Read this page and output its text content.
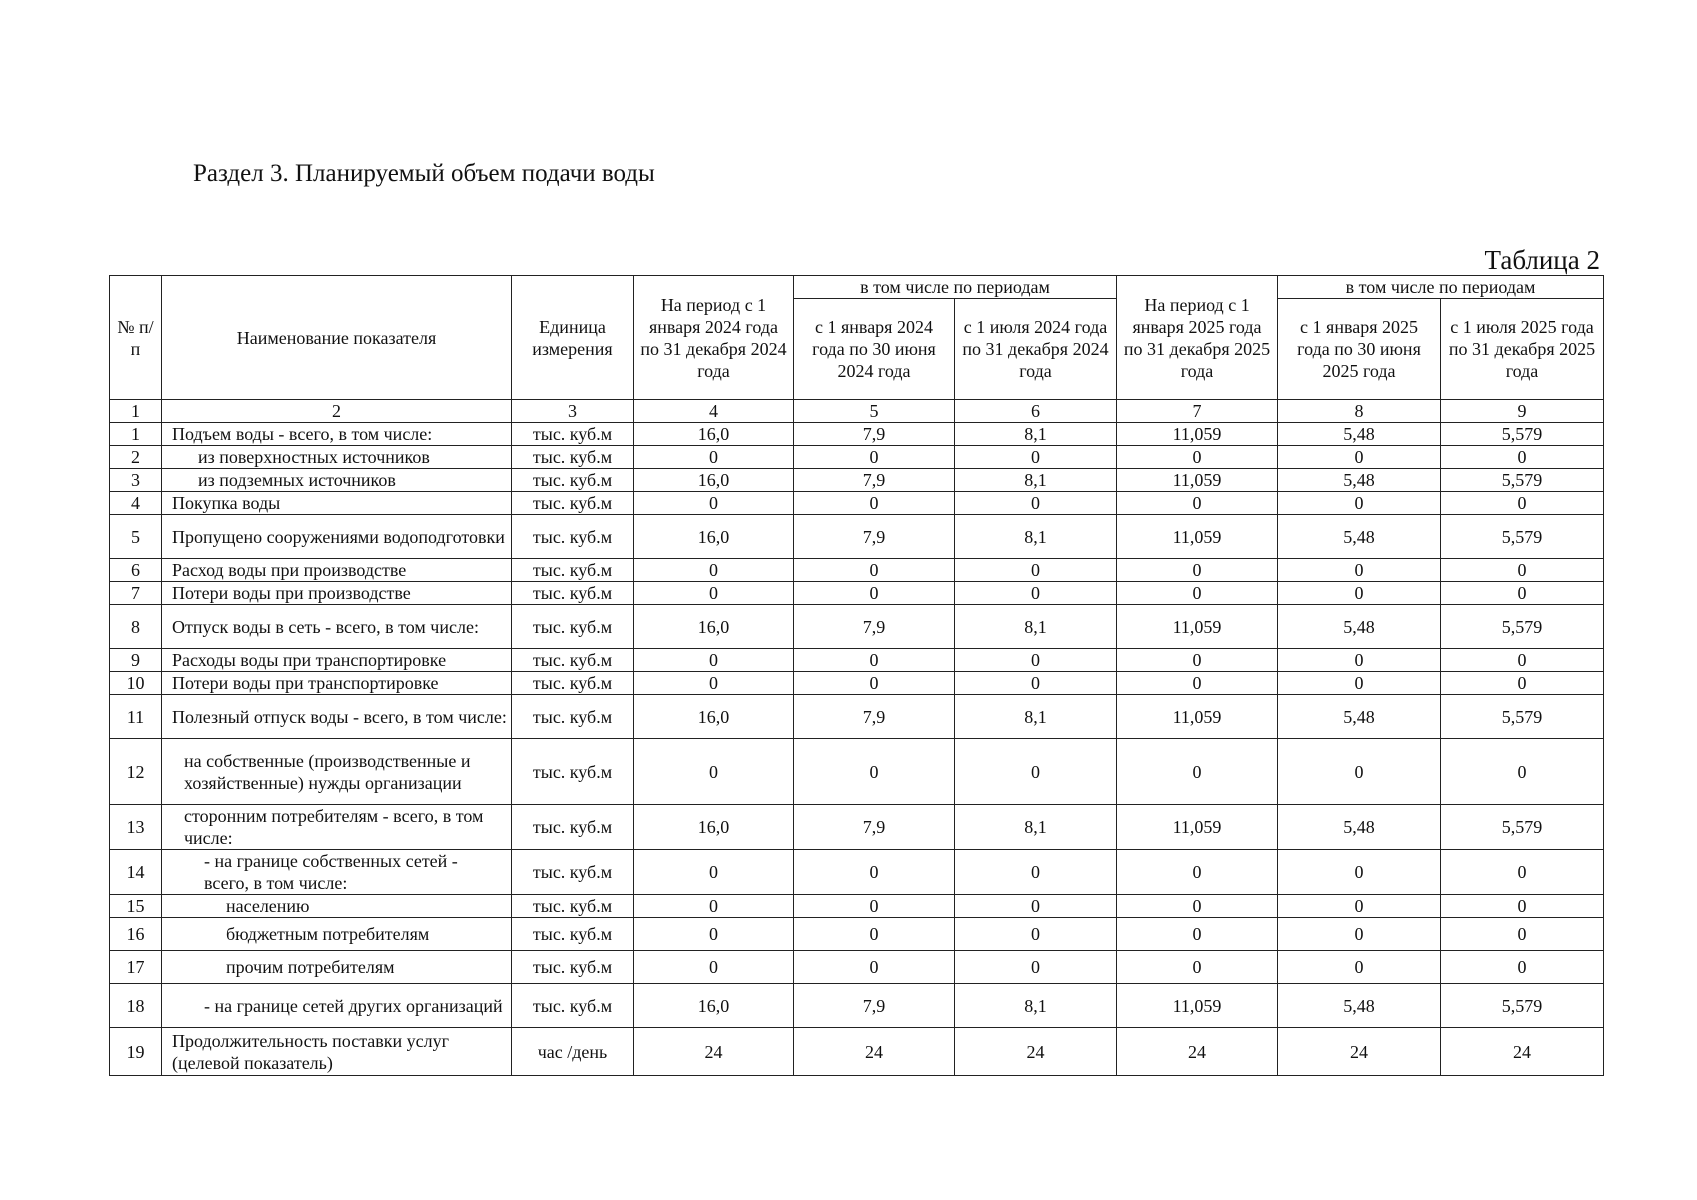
Раздел 3. Планируемый объем подачи воды
Таблица 2
№ п/п	Наименование показателя	Единица измерения	На период с 1 января 2024 года по 31 декабря 2024 года	в том числе по периодам		На период с 1 января 2025 года по 31 декабря 2025 года	в том числе по периодам	
				с 1 января 2024 года по 30 июня 2024 года	с 1 июля 2024 года по 31 декабря 2024 года		с 1 января 2025 года по 30 июня 2025 года	с 1 июля 2025 года по 31 декабря 2025 года
1	2	3	4	5	6	7	8	9
1	Подъем воды - всего, в том числе:	тыс. куб.м	16,0	7,9	8,1	11,059	5,48	5,579
2	из поверхностных источников	тыс. куб.м	0	0	0	0	0	0
3	из подземных источников	тыс. куб.м	16,0	7,9	8,1	11,059	5,48	5,579
4	Покупка воды	тыс. куб.м	0	0	0	0	0	0
5	Пропущено сооружениями водоподготовки	тыс. куб.м	16,0	7,9	8,1	11,059	5,48	5,579
6	Расход воды при производстве	тыс. куб.м	0	0	0	0	0	0
7	Потери воды при производстве	тыс. куб.м	0	0	0	0	0	0
8	Отпуск воды в сеть - всего, в том числе:	тыс. куб.м	16,0	7,9	8,1	11,059	5,48	5,579
9	Расходы воды при транспортировке	тыс. куб.м	0	0	0	0	0	0
10	Потери воды при транспортировке	тыс. куб.м	0	0	0	0	0	0
11	Полезный отпуск воды - всего, в том числе:	тыс. куб.м	16,0	7,9	8,1	11,059	5,48	5,579
12	на собственные (производственные и хозяйственные) нужды организации	тыс. куб.м	0	0	0	0	0	0
13	сторонним потребителям - всего, в том числе:	тыс. куб.м	16,0	7,9	8,1	11,059	5,48	5,579
14	- на границе собственных сетей - всего, в том числе:	тыс. куб.м	0	0	0	0	0	0
15	населению	тыс. куб.м	0	0	0	0	0	0
16	бюджетным потребителям	тыс. куб.м	0	0	0	0	0	0
17	прочим потребителям	тыс. куб.м	0	0	0	0	0	0
18	- на границе сетей других организаций	тыс. куб.м	16,0	7,9	8,1	11,059	5,48	5,579
19	Продолжительность поставки услуг (целевой показатель)	час /день	24	24	24	24	24	24
